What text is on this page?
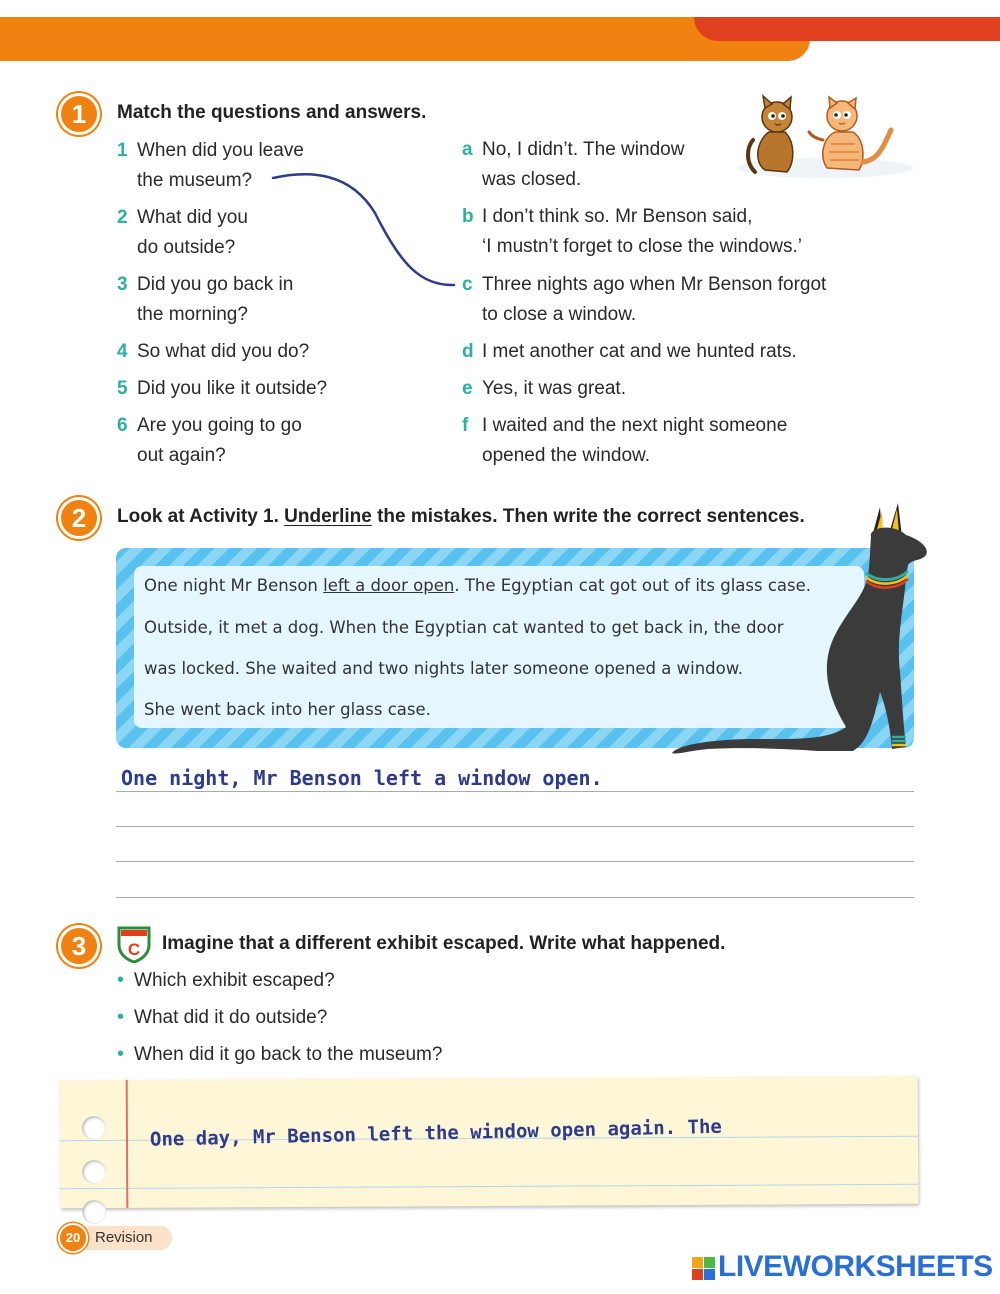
1	Match the questions and answers.
1 When did you leave
the museum?
2 What did you
do outside?
3 Did you go back in
the morning?
4 So what did you do?
5 Did you like it outside?
6 Are you going to go
out again?
a No, I didn’t. The window
was closed.
b I don’t think so. Mr Benson said,
‘I mustn’t forget to close the windows.’
c Three nights ago when Mr Benson forgot
to close a window.
d I met another cat and we hunted rats.
e Yes, it was great.
f I waited and the next night someone
opened the window.
2	Look at Activity 1. Underline the mistakes. Then write the correct sentences.
One night Mr Benson left a door open. The Egyptian cat got out of its glass case.
Outside, it met a dog. When the Egyptian cat wanted to get back in, the door
was locked. She waited and two nights later someone opened a window.
She went back into her glass case.
One night, Mr Benson left a window open.
3	C Imagine that a different exhibit escaped. Write what happened.
• Which exhibit escaped?
• What did it do outside?
• When did it go back to the museum?
One day, Mr Benson left the window open again. The
20 Revision
LIVEWORKSHEETS
